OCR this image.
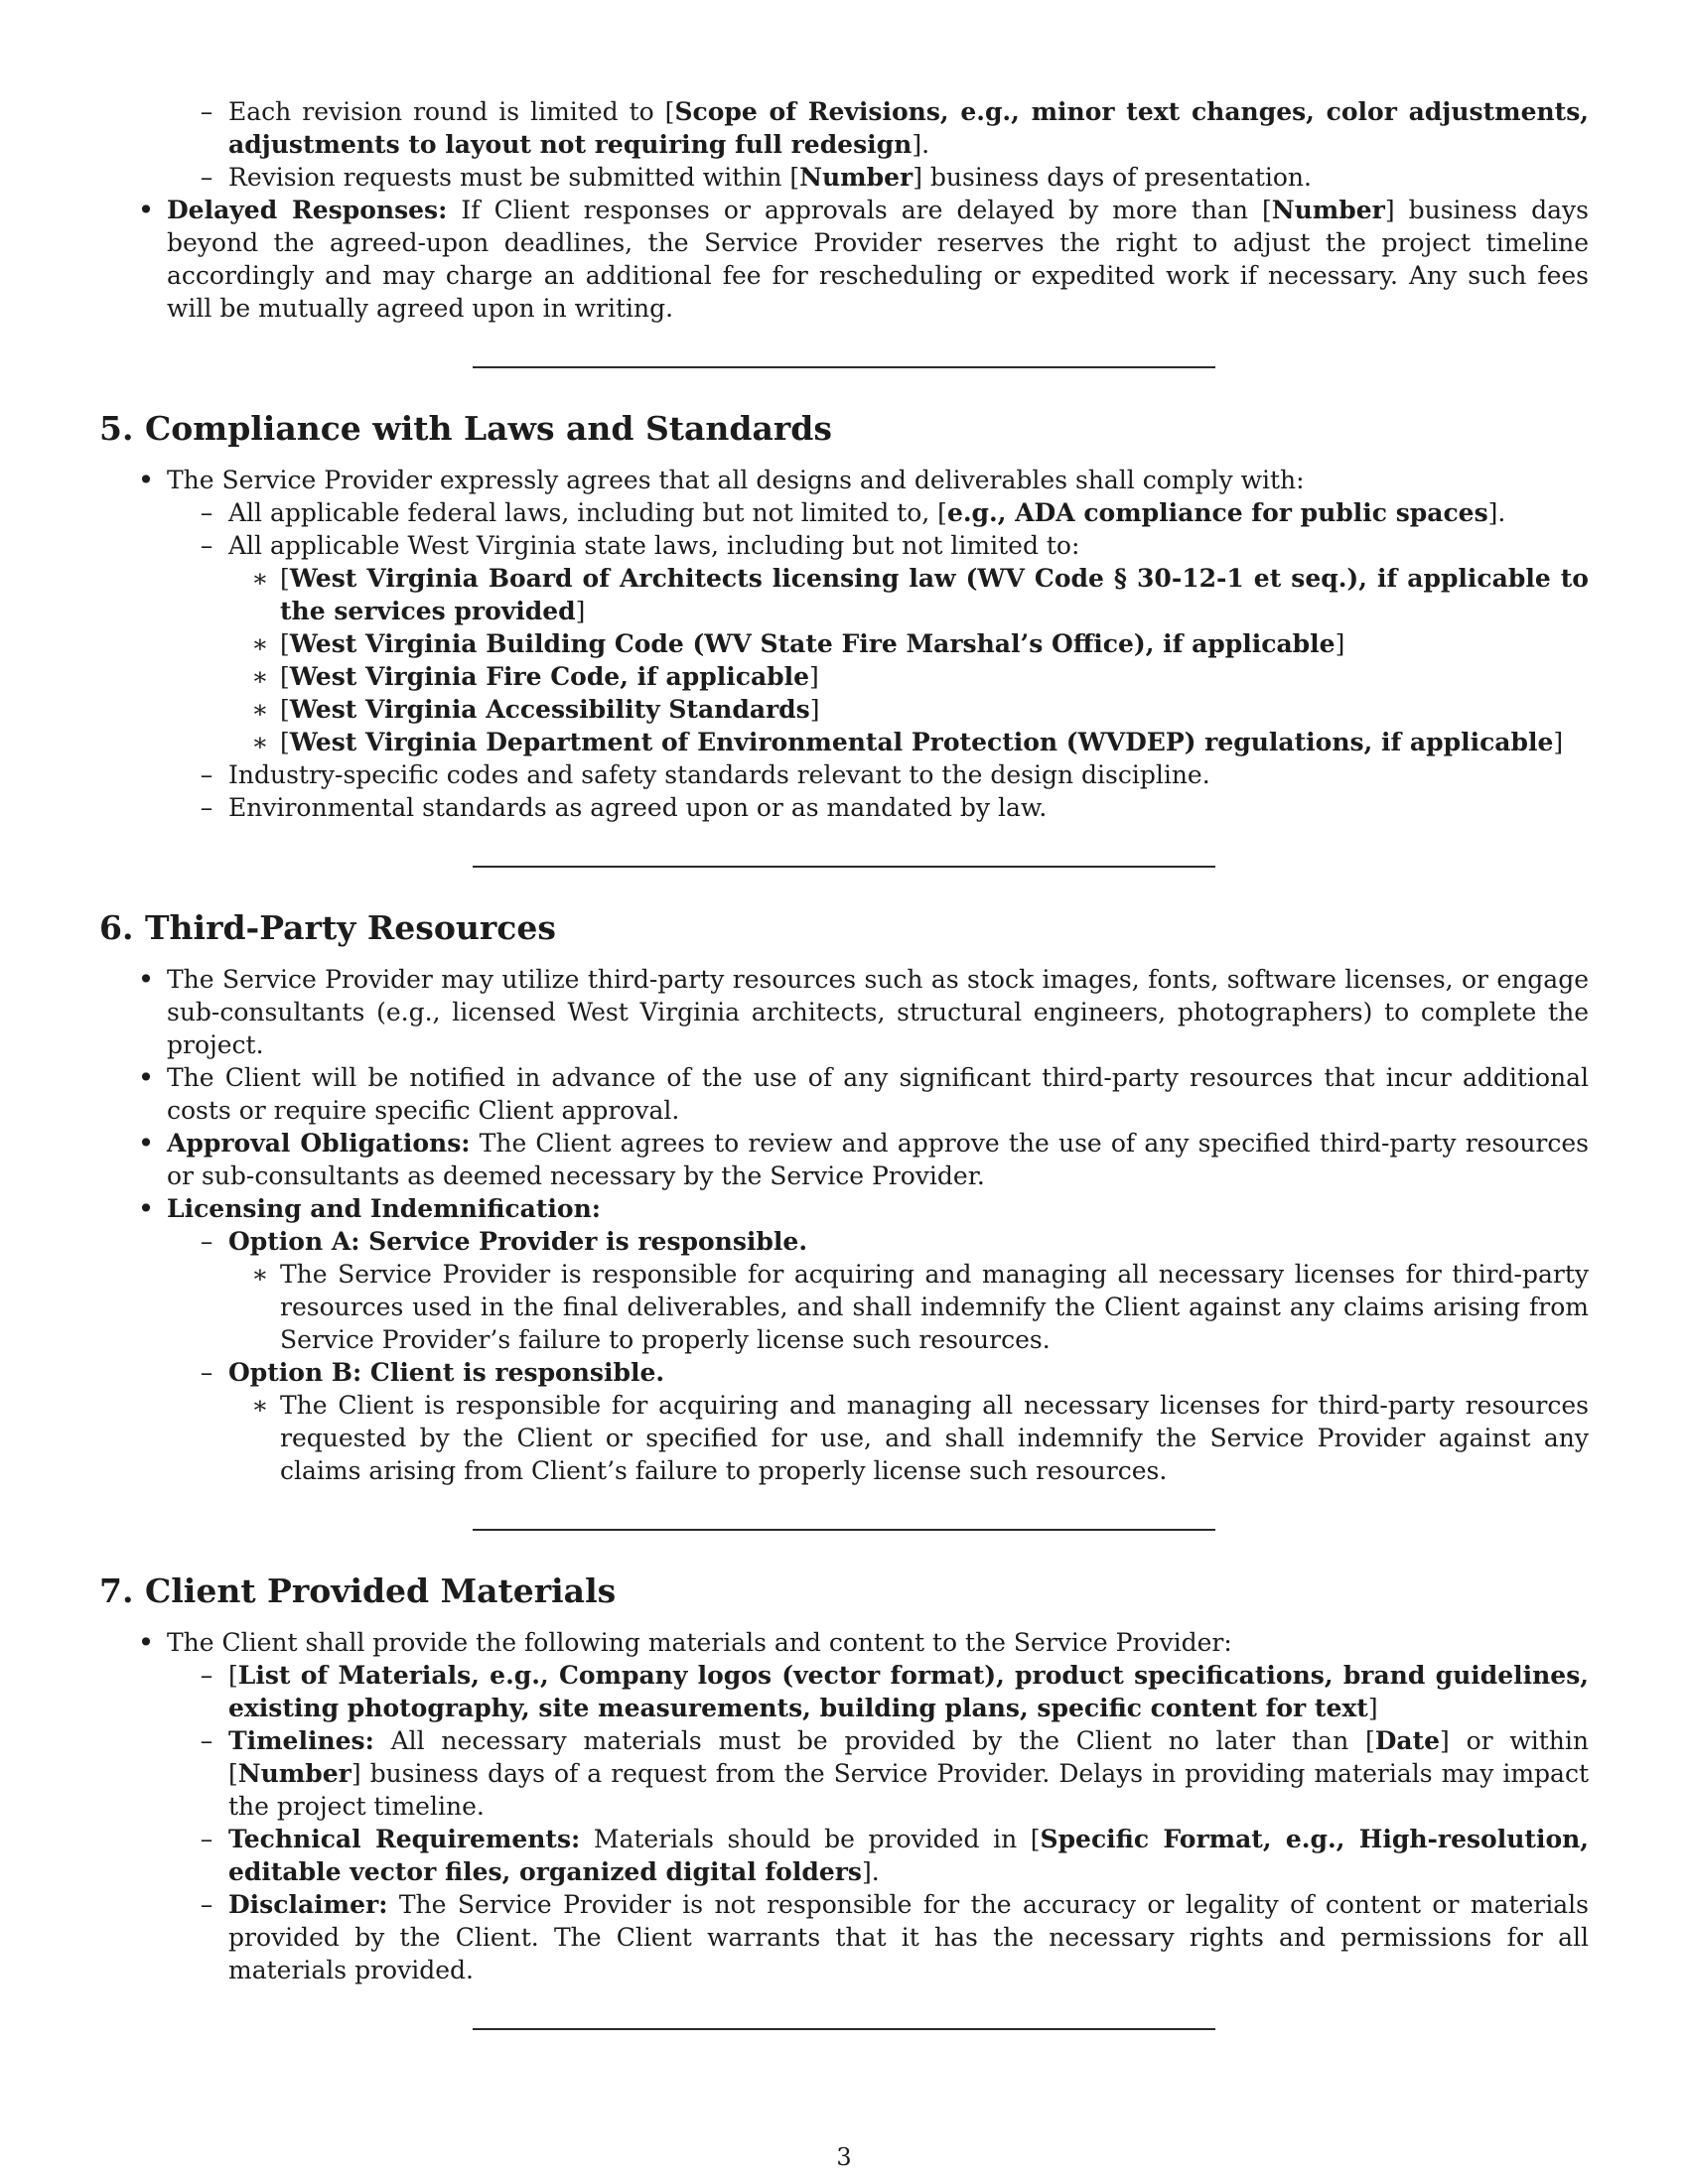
– Each revision round is limited to [Scope of Revisions, e.g., minor text changes, color adjustments, adjustments to layout not requiring full redesign].
– Revision requests must be submitted within [Number] business days of presentation.
• Delayed Responses: If Client responses or approvals are delayed by more than [Number] business days beyond the agreed-upon deadlines, the Service Provider reserves the right to adjust the project timeline accordingly and may charge an additional fee for rescheduling or expedited work if necessary. Any such fees will be mutually agreed upon in writing.
5. Compliance with Laws and Standards
• The Service Provider expressly agrees that all designs and deliverables shall comply with:
– All applicable federal laws, including but not limited to, [e.g., ADA compliance for public spaces].
– All applicable West Virginia state laws, including but not limited to:
∗ [West Virginia Board of Architects licensing law (WV Code § 30-12-1 et seq.), if applicable to the services provided]
∗ [West Virginia Building Code (WV State Fire Marshal’s Office), if applicable]
∗ [West Virginia Fire Code, if applicable]
∗ [West Virginia Accessibility Standards]
∗ [West Virginia Department of Environmental Protection (WVDEP) regulations, if applicable]
– Industry-specific codes and safety standards relevant to the design discipline.
– Environmental standards as agreed upon or as mandated by law.
6. Third-Party Resources
• The Service Provider may utilize third-party resources such as stock images, fonts, software licenses, or engage sub-consultants (e.g., licensed West Virginia architects, structural engineers, photographers) to complete the project.
• The Client will be notified in advance of the use of any significant third-party resources that incur additional costs or require specific Client approval.
• Approval Obligations: The Client agrees to review and approve the use of any specified third-party resources or sub-consultants as deemed necessary by the Service Provider.
• Licensing and Indemnification:
– Option A: Service Provider is responsible.
∗ The Service Provider is responsible for acquiring and managing all necessary licenses for third-party resources used in the final deliverables, and shall indemnify the Client against any claims arising from Service Provider’s failure to properly license such resources.
– Option B: Client is responsible.
∗ The Client is responsible for acquiring and managing all necessary licenses for third-party resources requested by the Client or specified for use, and shall indemnify the Service Provider against any claims arising from Client’s failure to properly license such resources.
7. Client Provided Materials
• The Client shall provide the following materials and content to the Service Provider:
– [List of Materials, e.g., Company logos (vector format), product specifications, brand guidelines, existing photography, site measurements, building plans, specific content for text]
– Timelines: All necessary materials must be provided by the Client no later than [Date] or within [Number] business days of a request from the Service Provider. Delays in providing materials may impact the project timeline.
– Technical Requirements: Materials should be provided in [Specific Format, e.g., High-resolution, editable vector files, organized digital folders].
– Disclaimer: The Service Provider is not responsible for the accuracy or legality of content or materials provided by the Client. The Client warrants that it has the necessary rights and permissions for all materials provided.
3
